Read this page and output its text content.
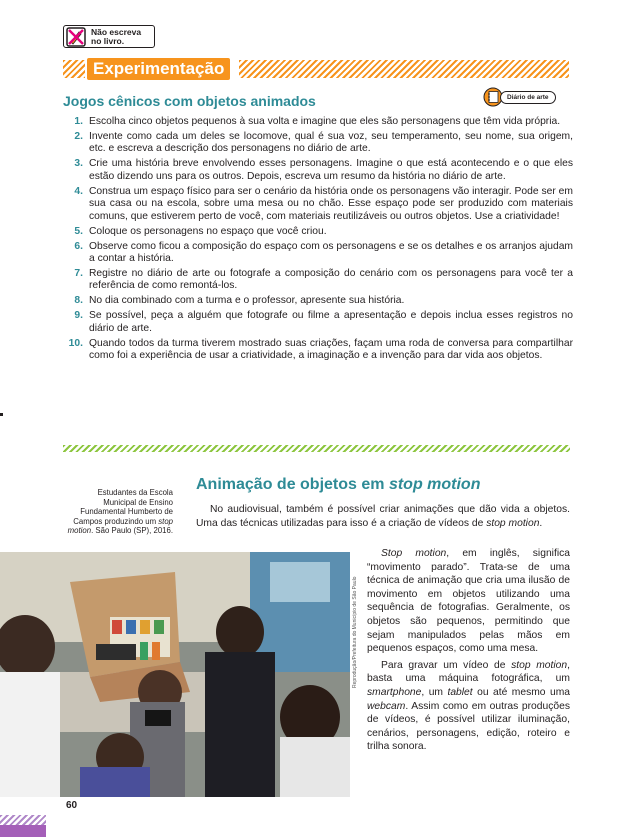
Não escreva
no livro.
Experimentação
Jogos cênicos com objetos animados	Diário de arte
1. Escolha cinco objetos pequenos à sua volta e imagine que eles são personagens que têm vida própria.
2. Invente como cada um deles se locomove, qual é sua voz, seu temperamento, seu nome, sua origem, etc. e escreva a descrição dos personagens no diário de arte.
3. Crie uma história breve envolvendo esses personagens. Imagine o que está acontecendo e o que eles estão dizendo uns para os outros. Depois, escreva um resumo da história no diário de arte.
4. Construa um espaço físico para ser o cenário da história onde os personagens vão interagir. Pode ser em sua casa ou na escola, sobre uma mesa ou no chão. Esse espaço pode ser produzido com materiais comuns, que estiverem perto de você, com materiais reutilizáveis ou outros objetos. Use a criatividade!
5. Coloque os personagens no espaço que você criou.
6. Observe como ficou a composição do espaço com os personagens e se os detalhes e os arranjos ajudam a contar a história.
7. Registre no diário de arte ou fotografe a composição do cenário com os personagens para você ter a referência de como remontá-los.
8. No dia combinado com a turma e o professor, apresente sua história.
9. Se possível, peça a alguém que fotografe ou filme a apresentação e depois inclua esses registros no diário de arte.
10. Quando todos da turma tiverem mostrado suas criações, façam uma roda de conversa para compartilhar como foi a experiência de usar a criatividade, a imaginação e a invenção para dar vida aos objetos.
Estudantes da Escola Municipal de Ensino Fundamental Humberto de Campos produzindo um stop motion. São Paulo (SP), 2016.
Animação de objetos em stop motion

No audiovisual, também é possível criar animações que dão vida a objetos. Uma das técnicas utilizadas para isso é a criação de vídeos de stop motion.

Stop motion, em inglês, significa “movimento parado”. Trata-se de uma técnica de animação que cria uma ilusão de movimento em objetos utilizando uma sequência de fotografias. Geralmente, os objetos são pequenos, permitindo que sejam manipulados pelas mãos em pequenos espaços, como uma mesa.

Para gravar um vídeo de stop motion, basta uma máquina fotográfica, um smartphone, um tablet ou até mesmo uma webcam. Assim como em outras produções de vídeos, é possível utilizar iluminação, cenários, personagens, edição, roteiro e trilha sonora.

Reprodução/Prefeitura do Município de São Paulo
60
